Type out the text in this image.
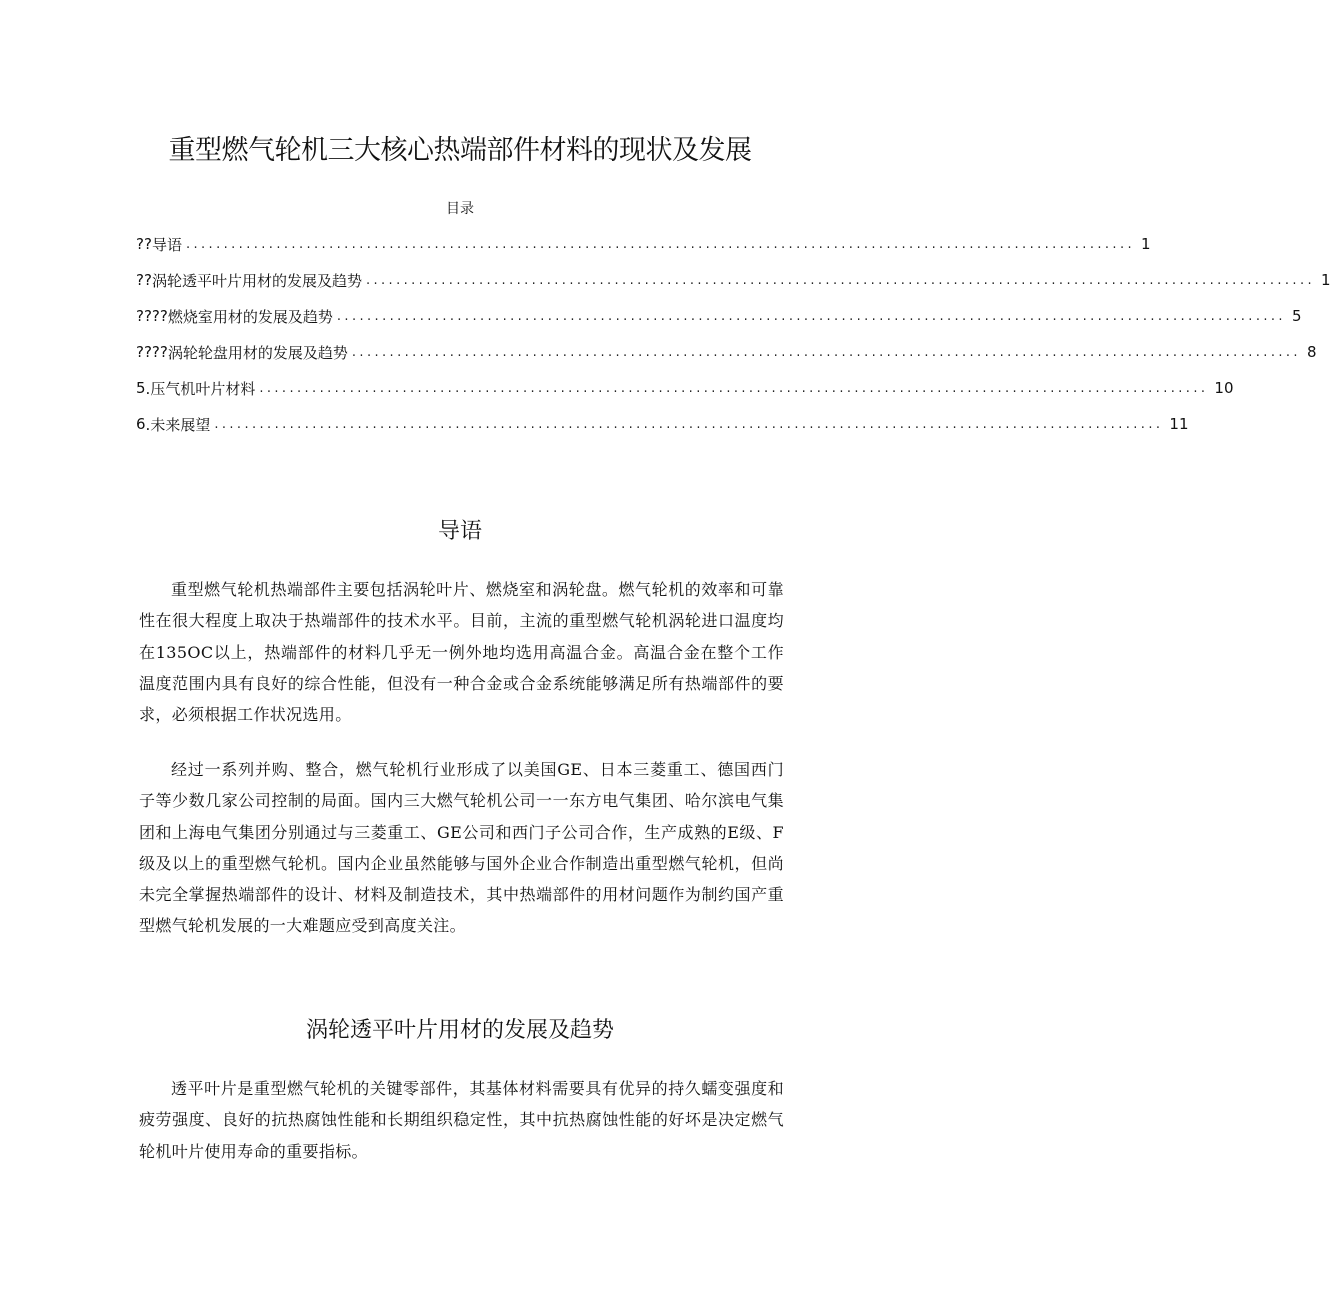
重型燃气轮机三大核心热端部件材料的现状及发展
目录
?? 导语 .............................................................................................................................. 1
?? 涡轮透平叶片用材的发展及趋势 .............................................................................................................................. 1
???? 燃烧室用材的发展及趋势 .............................................................................................................................. 5
???? 涡轮轮盘用材的发展及趋势 .............................................................................................................................. 8
5 .压气机叶片材料 .............................................................................................................................. 10
6 .未来展望 .............................................................................................................................. 11
导语

重型燃气轮机热端部件主要包括涡轮叶片、燃烧室和涡轮盘。燃气轮机的效率和可靠性在很大程度上取决于热端部件的技术水平。目前，主流的重型燃气轮机涡轮进口温度均在135OC以上，热端部件的材料几乎无一例外地均选用高温合金。高温合金在整个工作温度范围内具有良好的综合性能，但没有一种合金或合金系统能够满足所有热端部件的要求，必须根据工作状况选用。

经过一系列并购、整合，燃气轮机行业形成了以美国GE、日本三菱重工、德国西门子等少数几家公司控制的局面。国内三大燃气轮机公司一一东方电气集团、哈尔滨电气集团和上海电气集团分别通过与三菱重工、GE公司和西门子公司合作，生产成熟的E级、F级及以上的重型燃气轮机。国内企业虽然能够与国外企业合作制造出重型燃气轮机，但尚未完全掌握热端部件的设计、材料及制造技术，其中热端部件的用材问题作为制约国产重型燃气轮机发展的一大难题应受到高度关注。

涡轮透平叶片用材的发展及趋势

透平叶片是重型燃气轮机的关键零部件，其基体材料需要具有优异的持久蠕变强度和疲劳强度、良好的抗热腐蚀性能和长期组织稳定性，其中抗热腐蚀性能的好坏是决定燃气轮机叶片使用寿命的重要指标。
